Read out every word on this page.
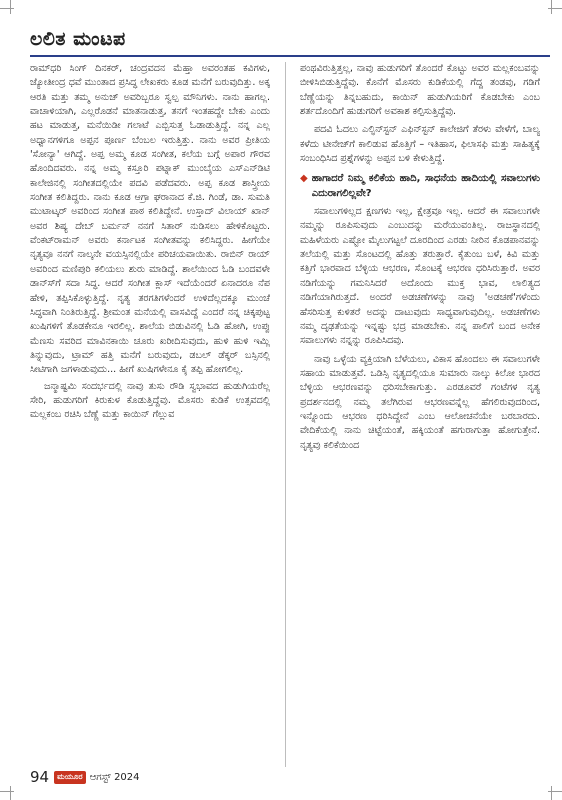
ಲಲಿತ ಮಂಟಪ

ರಾಮ್‍ಧರಿ ಸಿಂಗ್ ದಿನಕರ್, ಚಂದ್ರವದನ ಮೆಹ್ತಾ ಅವರಂತಹ ಕವಿಗಳು, ಜ್ಯೋತೀಂದ್ರ ಧವೆ ಮುಂತಾದ ಪ್ರಸಿದ್ಧ ಲೇಖಕರು ಕೂಡ ಮನೆಗೆ ಬರುವುದಿತ್ತು. ಅಕ್ಕ ಆರತಿ ಮತ್ತು ತಮ್ಮ ಅನುಜ್ ಅವರಿಬ್ಬರೂ ಸ್ವಲ್ಪ ಮೌನಿಗಳು. ನಾನು ಹಾಗಲ್ಲ. ವಾಚಾಳಿಯಾಗಿ, ಎಲ್ಲರೊಡನೆ ಮಾತನಾಡುತ್ತ, ತನಗೆ ಇಂತಹದ್ದೇ ಬೇಕು ಎಂದು ಹಟ ಮಾಡುತ್ತ, ಮನೆಯಿಡೀ ಗಲಾಟೆ ಎಬ್ಬಿಸುತ್ತ ಓಡಾಡುತ್ತಿದ್ದೆ. ನನ್ನ ಎಲ್ಲ ಅಧ್ವಾನಗಳಿಗೂ ಅಪ್ಪನ ಪೂರ್ಣ ಬೆಂಬಲ ಇರುತ್ತಿತ್ತು. ನಾನು ಅವರ ಪ್ರೀತಿಯ 'ಸೋನ್ಯಾ' ಆಗಿದ್ದೆ. ಅಪ್ಪ ಅಮ್ಮ ಕೂಡ ಸಂಗೀತ, ಕಲೆಯ ಬಗ್ಗೆ ಅಪಾರ ಗೌರವ ಹೊಂದಿದವರು. ನನ್ನ ಅಮ್ಮ ಕಸ್ತೂರಿ ಪಟ್ನಾಕ್ ಮುಂಬೈಯ ಎಸ್‍ಎನ್‍ಡಿಟಿ ಕಾಲೇಜಿನಲ್ಲಿ ಸಂಗೀತದಲ್ಲಿಯೇ ಪದವಿ ಪಡೆದವರು. ಅಪ್ಪ ಕೂಡ ಶಾಸ್ತ್ರೀಯ ಸಂಗೀತ ಕಲಿತಿದ್ದರು. ನಾನು ಕೂಡ ಆಗ್ರಾ ಘರಾನಾದ ಕೆ.ಜಿ. ಗಿಂಡೆ, ಡಾ. ಸುಮತಿ ಮುಟಾಟ್ಕರ್ ಅವರಿಂದ ಸಂಗೀತ ಪಾಠ ಕಲಿತಿದ್ದೇನೆ. ಉಸ್ತಾದ್ ವಿಲಾಯ್ ಖಾನ್ ಅವರ ಶಿಷ್ಯ ದೇಬ್ ಬರ್ಮನ್ ನನಗೆ ಸಿತಾರ್ ನುಡಿಸಲು ಹೇಳಿಕೊಟ್ಟರು. ವೆಂಕಟ್‍ರಾಮನ್ ಅವರು ಕರ್ನಾಟಕ ಸಂಗೀತವನ್ನು ಕಲಿಸಿದ್ದರು. ಹೀಗೆಯೇ ನೃತ್ಯವೂ ನನಗೆ ನಾಲ್ಕನೇ ವಯಸ್ಸಿನಲ್ಲಿಯೇ ಪರಿಚಯವಾಯಿತು. ರಾಬಿನ್ ರಾಯ್ ಅವರಿಂದ ಮಣಿಪುರಿ ಕಲಿಯಲು ಶುರು ಮಾಡಿದ್ದೆ. ಶಾಲೆಯಿಂದ ಓಡಿ ಬಂದವಳೇ ಡಾನ್ಸ್‍ಗೆ ಸದಾ ಸಿದ್ಧ. ಆದರೆ ಸಂಗೀತ ಕ್ಲಾಸ್ ಇದೆಯೆಂದರೆ ಏನಾದರೂ ನೆಪ ಹೇಳಿ, ತಪ್ಪಿಸಿಕೊಳ್ಳುತ್ತಿದ್ದೆ. ನೃತ್ಯ ತರಗತಿಗಳೆಂದರೆ ಉಳಿದೆಲ್ಲದಕ್ಕೂ ಮುಂಚೆ ಸಿದ್ಧವಾಗಿ ನಿಂತಿರುತ್ತಿದ್ದೆ. ಶ್ರೀಮಂತ ಮನೆಯಲ್ಲಿ ವಾಸವಿದ್ದೆ ಎಂದರೆ ನನ್ನ ಚಿಕ್ಕಪುಟ್ಟ ಖುಷಿಗಳಿಗೆ ತೊಡಕೇನೂ ಇರಲಿಲ್ಲ. ಶಾಲೆಯ ಬಿಡುವಿನಲ್ಲಿ ಓಡಿ ಹೋಗಿ, ಉಪ್ಪು ಮೆಣಸು ಸವರಿದ ಮಾವಿನಕಾಯಿ ಚೂರು ಖರೀದಿಸುವುದು, ಹುಳಿ ಹುಳಿ ಇಮ್ಲಿ ತಿನ್ನುವುದು, ಟ್ರಾಮ್ ಹತ್ತಿ ಮನೆಗೆ ಬರುವುದು, ಡಬಲ್ ಡೆಕ್ಕರ್ ಬಸ್ಸಿನಲ್ಲಿ ಸೀಟಿಗಾಗಿ ಜಗಳಾಡುವುದು... ಹೀಗೆ ಖುಷಿಗಳೇನೂ ಕೈ ತಪ್ಪಿ ಹೋಗಲಿಲ್ಲ.

ಜನ್ಮಾಷ್ಟಮಿ ಸಂದರ್ಭದಲ್ಲಿ ನಾವು ತುಸು ರೌಡಿ ಸ್ವಭಾವದ ಹುಡುಗಿಯರೆಲ್ಲ ಸೇರಿ, ಹುಡುಗರಿಗೆ ಕಿರುಕುಳ ಕೊಡುತ್ತಿದ್ದೆವು. ಮೊಸರು ಕುಡಿಕೆ ಉತ್ಸವದಲ್ಲಿ ಮಲ್ಲಕಂಬ ರಚಿಸಿ ಬೆಣ್ಣೆ ಮತ್ತು ಕಾಯಿನ್ ಗೆಲ್ಲುವ

ಪಂಥವಿರುತ್ತಿತ್ತಲ್ಲ, ನಾವು ಹುಡುಗರಿಗೆ ತೊಂದರೆ ಕೊಟ್ಟು ಅವರ ಮಲ್ಲಕಂಬವನ್ನು ಬೀಳಿಸಿಬಿಡುತ್ತಿದ್ದೆವು. ಕೊನೆಗೆ ಮೊಸರು ಕುಡಿಕೆಯಲ್ಲಿ ಗೆದ್ದ ತಂಡವು, ಗಡಿಗೆ ಬೆಣ್ಣೆಯನ್ನು ತಿನ್ನಬಹುದು, ಕಾಯಿನ್ ಹುಡುಗಿಯರಿಗೆ ಕೊಡಬೇಕು ಎಂಬ ಶರ್ತದೊಂದಿಗೆ ಹುಡುಗರಿಗೆ ಅವಕಾಶ ಕಲ್ಪಿಸುತ್ತಿದ್ದೆವು.

ಪದವಿ ಓದಲು ಎಲ್ಫಿನ್‍ಸ್ಟನ್ ಎಫಿನ್‍ಸ್ಟನ್ ಕಾಲೇಜಿಗೆ ತೆರಳು ವೇಳೆಗೆ, ಬಾಲ್ಯ ಕಳೆದು ಟೀನೇಜ್‍ಗೆ ಕಾಲಿಡುವ ಹೊತ್ತಿಗೆ – ಇತಿಹಾಸ, ಫಿಲಾಸಫಿ ಮತ್ತು ಸಾಹಿತ್ಯಕ್ಕೆ ಸಂಬಂಧಿಸಿದ ಪ್ರಶ್ನೆಗಳನ್ನು ಅಪ್ಪನ ಬಳಿ ಕೇಳುತ್ತಿದ್ದೆ.

◆ ಹಾಗಾದರೆ ನಿಮ್ಮ ಕಲಿಕೆಯ ಹಾದಿ, ಸಾಧನೆಯ ಹಾದಿಯಲ್ಲಿ ಸವಾಲುಗಳು ಎದುರಾಗಲಿಲ್ಲವೇ?

ಸವಾಲುಗಳಿಲ್ಲದ ಕ್ಷಣಗಳು ಇಲ್ಲ, ಕ್ಷೇತ್ರವೂ ಇಲ್ಲ. ಆದರೆ ಈ ಸವಾಲುಗಳೇ ನಮ್ಮನ್ನು ರೂಪಿಸುವುದು ಎಂಬುದನ್ನು ಮರೆಯುವಂತಿಲ್ಲ. ರಾಜಸ್ಥಾನದಲ್ಲಿ ಮಹಿಳೆಯರು ಎಷ್ಟೋ ಮೈಲುಗಟ್ಟಲೆ ದೂರದಿಂದ ಎರಡು ನೀರಿನ ಕೊಡಪಾನವನ್ನು ತಲೆಯಲ್ಲಿ ಮತ್ತು ಸೊಂಟದಲ್ಲಿ ಹೊತ್ತು ತರುತ್ತಾರೆ. ಕೈತುಂಬ ಬಳೆ, ಕಿವಿ ಮತ್ತು ಕತ್ತಿಗೆ ಭಾರವಾದ ಬೆಳ್ಳಿಯ ಆಭರಣ, ಸೊಂಟಕ್ಕೆ ಆಭರಣ ಧರಿಸಿರುತ್ತಾರೆ. ಅವರ ನಡಿಗೆಯನ್ನು ಗಮನಿಸಿದರೆ ಅದೊಂದು ಮುಕ್ತ ಭಾವ, ಲಾಲಿತ್ಯದ ನಡಿಗೆಯಾಗಿರುತ್ತದೆ. ಅಂದರೆ ಅಡಚಣೆಗಳನ್ನು ನಾವು 'ಅಡಚಣೆ'ಗಳೆಂದು ಹೆಸರಿಸುತ್ತ ಕುಳಿತರೆ ಅದನ್ನು ದಾಟುವುದು ಸಾಧ್ಯವಾಗುವುದಿಲ್ಲ. ಅಡಚಣೆಗಳು ನಮ್ಮ ದೃಢತೆಯನ್ನು ಇನ್ನಷ್ಟು ಭದ್ರ ಮಾಡಬೇಕು. ನನ್ನ ಪಾಲಿಗೆ ಬಂದ ಅನೇಕ ಸವಾಲುಗಳು ನನ್ನನ್ನು ರೂಪಿಸಿದವು.

ನಾವು ಒಳ್ಳೆಯ ವ್ಯಕ್ತಿಯಾಗಿ ಬೆಳೆಯಲು, ವಿಕಾಸ ಹೊಂದಲು ಈ ಸವಾಲುಗಳೇ ಸಹಾಯ ಮಾಡುತ್ತವೆ. ಒಡಿಸ್ಸಿ ನೃತ್ಯದಲ್ಲಿಯೂ ಸುಮಾರು ನಾಲ್ಕು ಕಿಲೋ ಭಾರದ ಬೆಳ್ಳಿಯ ಆಭರಣವನ್ನು ಧರಿಸಬೇಕಾಗುತ್ತು. ಎರಡೂವರೆ ಗಂಟೆಗಳ ನೃತ್ಯ ಪ್ರದರ್ಶನದಲ್ಲಿ ನಮ್ಮ ತಲೆಗಿರುವ ಆಭರಣವನ್ನೆಲ್ಲ ಹೆಗಲಿರುವುದರಿಂದ, ಇನ್ನೊಂದು ಆಭರಣ ಧರಿಸಿದ್ದೇನೆ ಎಂಬ ಆಲೋಚನೆಯೇ ಬರಬಾರದು. ವೇದಿಕೆಯಲ್ಲಿ ನಾನು ಚಿಟ್ಟೆಯಂತೆ, ಹಕ್ಕಿಯಂತೆ ಹಗುರಾಗುತ್ತಾ ಹೋಗುತ್ತೇನೆ. ನೃತ್ಯವು ಕಲಿಕೆಯಿಂದ

94	ಮಯೂರ ಆಗಸ್ಟ್ 2024
